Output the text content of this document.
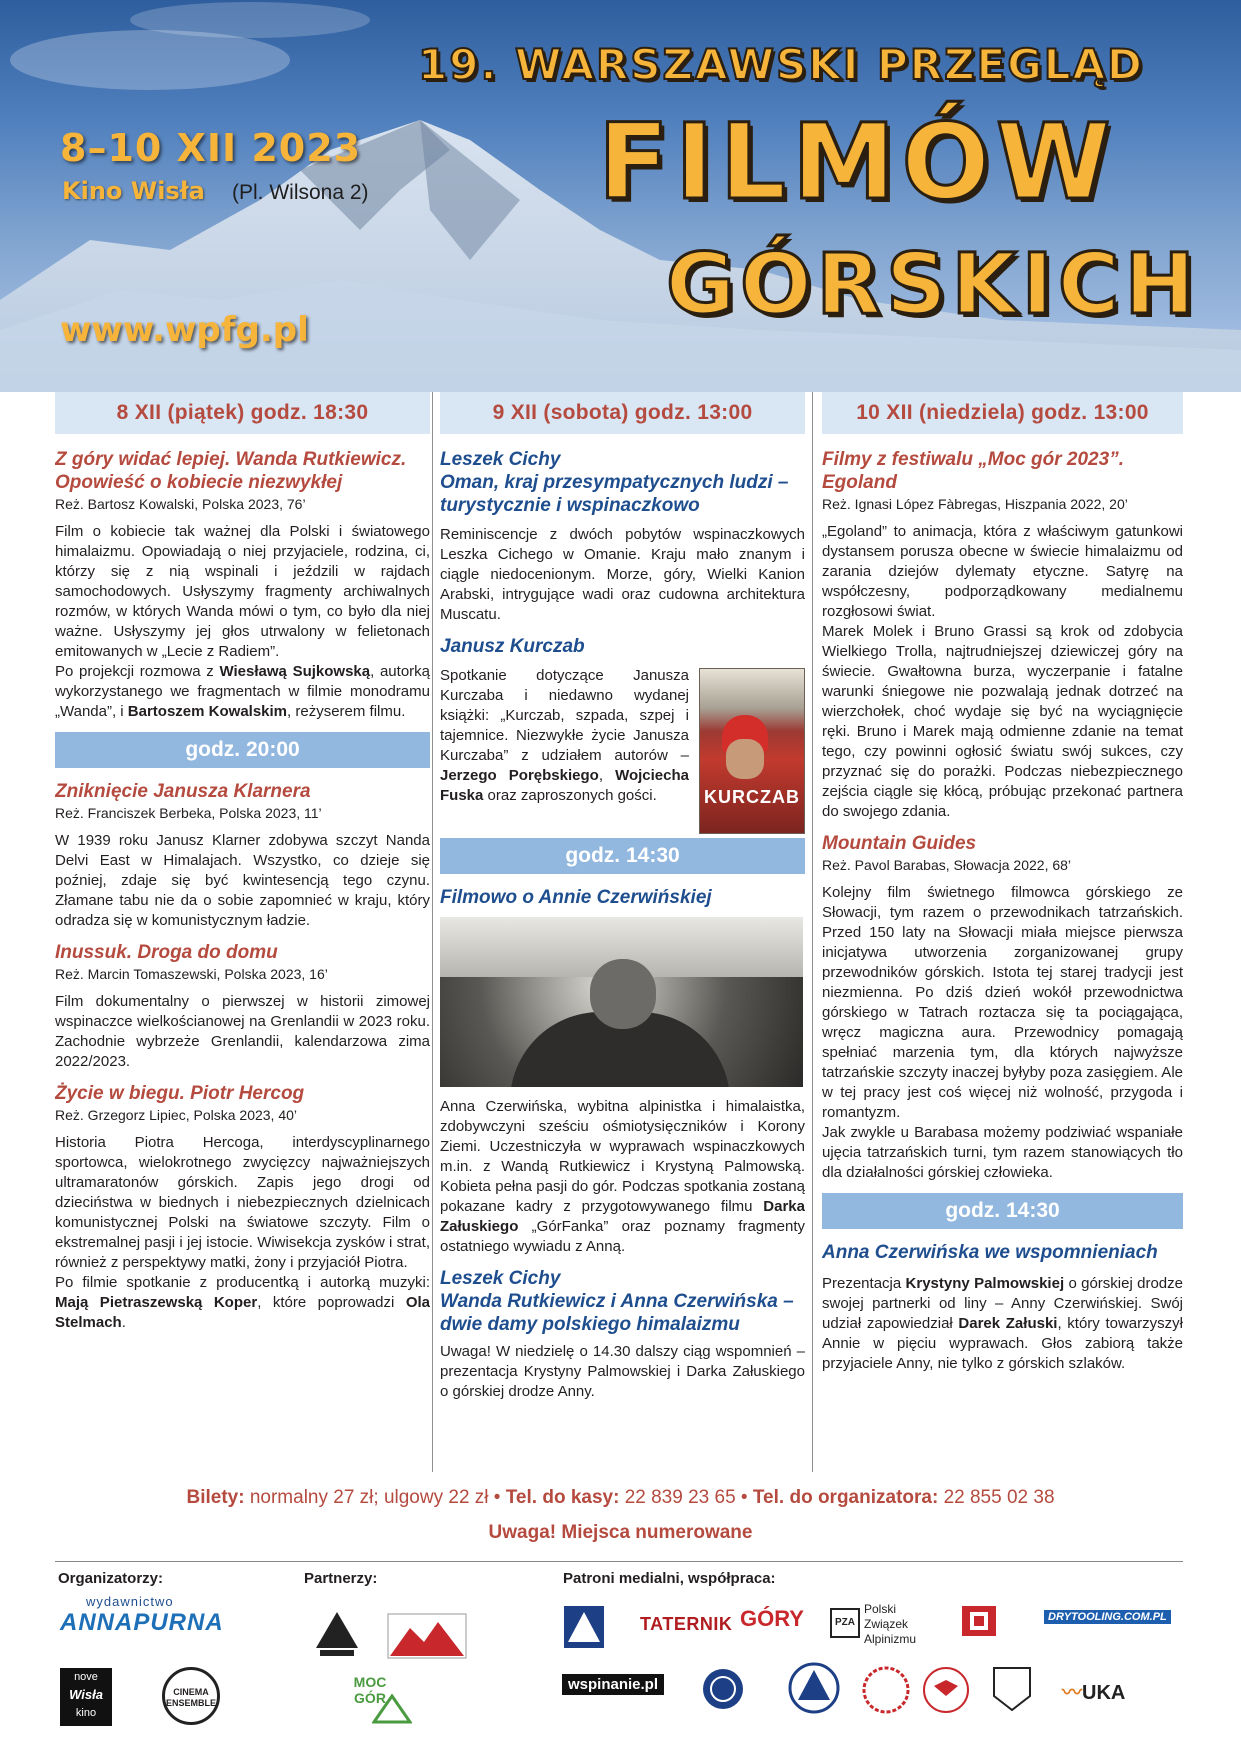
8–10 XII 2023
Kino Wisła (Pl. Wilsona 2)
www.wpfg.pl
19. WARSZAWSKI PRZEGLĄD
FILMÓW
GÓRSKICH
8 XII (piątek) godz. 18:30
Z góry widać lepiej. Wanda Rutkiewicz. Opowieść o kobiecie niezwykłej
Reż. Bartosz Kowalski, Polska 2023, 76’

Film o kobiecie tak ważnej dla Polski i światowego himalaizmu. Opowiadają o niej przyjaciele, rodzina, ci, którzy się z nią wspinali i jeździli w rajdach samochodowych. Usłyszymy fragmenty archiwalnych rozmów, w których Wanda mówi o tym, co było dla niej ważne. Usłyszymy jej głos utrwalony w felietonach emitowanych w „Lecie z Radiem”.

Po projekcji rozmowa z Wiesławą Sujkowską, autorką wykorzystanego we fragmentach w filmie monodramu „Wanda”, i Bartoszem Kowalskim, reżyserem filmu.

godz. 20:00
Zniknięcie Janusza Klarnera
Reż. Franciszek Berbeka, Polska 2023, 11’
W 1939 roku Janusz Klarner zdobywa szczyt Nanda Delvi East w Himalajach. Wszystko, co dzieje się poźniej, zdaje się być kwintesencją tego czynu. Złamane tabu nie da o sobie zapomnieć w kraju, który odradza się w komunistycznym ładzie.
Inussuk. Droga do domu
Reż. Marcin Tomaszewski, Polska 2023, 16’
Film dokumentalny o pierwszej w historii zimowej wspinaczce wielkościanowej na Grenlandii w 2023 roku. Zachodnie wybrzeże Grenlandii, kalendarzowa zima 2022/2023.
Życie w biegu. Piotr Hercog
Reż. Grzegorz Lipiec, Polska 2023, 40’

Historia Piotra Hercoga, interdyscyplinarnego sportowca, wielokrotnego zwycięzcy najważniejszych ultramaratonów górskich. Zapis jego drogi od dzieciństwa w biednych i niebezpiecznych dzielnicach komunistycznej Polski na światowe szczyty. Film o ekstremalnej pasji i jej istocie. Wiwisekcja zysków i strat, również z perspektywy matki, żony i przyjaciół Piotra.

Po filmie spotkanie z producentką i autorką muzyki: Mają Pietraszewską Koper, które poprowadzi Ola Stelmach.

9 XII (sobota) godz. 13:00
Leszek Cichy
Oman, kraj przesympatycznych ludzi – turystycznie i wspinaczkowo
Reminiscencje z dwóch pobytów wspinaczkowych Leszka Cichego w Omanie. Kraju mało znanym i ciągle niedocenionym. Morze, góry, Wielki Kanion Arabski, intrygujące wadi oraz cudowna architektura Muscatu.
Janusz Kurczab
Spotkanie dotyczące Janusza Kurczaba i niedawno wydanej książki: „Kurczab, szpada, szpej i tajemnice. Niezwykłe życie Janusza Kurczaba” z udziałem autorów – Jerzego Porębskiego, Wojciecha Fuska oraz zaproszonych gości.	KURCZAB
godz. 14:30
Filmowo o Annie Czerwińskiej
Anna Czerwińska, wybitna alpinistka i himalaistka, zdobywczyni sześciu ośmiotysięczników i Korony Ziemi. Uczestniczyła w wyprawach wspinaczkowych m.in. z Wandą Rutkiewicz i Krystyną Palmowską. Kobieta pełna pasji do gór. Podczas spotkania zostaną pokazane kadry z przygotowywanego filmu Darka Załuskiego „GórFanka” oraz poznamy fragmenty ostatniego wywiadu z Anną.
Leszek Cichy
Wanda Rutkiewicz i Anna Czerwińska – dwie damy polskiego himalaizmu
Uwaga! W niedzielę o 14.30 dalszy ciąg wspomnień – prezentacja Krystyny Palmowskiej i Darka Załuskiego o górskiej drodze Anny.
10 XII (niedziela) godz. 13:00
Filmy z festiwalu „Moc gór 2023”.
Egoland
Reż. Ignasi López Fàbregas, Hiszpania 2022, 20’

„Egoland” to animacja, która z właściwym gatunkowi dystansem porusza obecne w świecie himalaizmu od zarania dziejów dylematy etyczne. Satyrę na współczesny, podporządkowany medialnemu rozgłosowi świat.

Marek Molek i Bruno Grassi są krok od zdobycia Wielkiego Trolla, najtrudniejszej dziewiczej góry na świecie. Gwałtowna burza, wyczerpanie i fatalne warunki śniegowe nie pozwalają jednak dotrzeć na wierzchołek, choć wydaje się być na wyciągnięcie ręki. Bruno i Marek mają odmienne zdanie na temat tego, czy powinni ogłosić światu swój sukces, czy przyznać się do porażki. Podczas niebezpiecznego zejścia ciągle się kłócą, próbując przekonać partnera do swojego zdania.

Mountain Guides
Reż. Pavol Barabas, Słowacja 2022, 68’

Kolejny film świetnego filmowca górskiego ze Słowacji, tym razem o przewodnikach tatrzańskich. Przed 150 laty na Słowacji miała miejsce pierwsza inicjatywa utworzenia zorganizowanej grupy przewodników górskich. Istota tej starej tradycji jest niezmienna. Po dziś dzień wokół przewodnictwa górskiego w Tatrach roztacza się ta pociągająca, wręcz magiczna aura. Przewodnicy pomagają spełniać marzenia tym, dla których najwyższe tatrzańskie szczyty inaczej byłyby poza zasięgiem. Ale w tej pracy jest coś więcej niż wolność, przygoda i romantyzm.

Jak zwykle u Barabasa możemy podziwiać wspaniałe ujęcia tatrzańskich turni, tym razem stanowiących tło dla działalności górskiej człowieka.

godz. 14:30
Anna Czerwińska we wspomnieniach
Prezentacja Krystyny Palmowskiej o górskiej drodze swojej partnerki od liny – Anny Czerwińskiej. Swój udział zapowiedział Darek Załuski, który towarzyszył Annie w pięciu wyprawach. Głos zabiorą także przyjaciele Anny, nie tylko z górskich szlaków.
Bilety: normalny 27 zł; ulgowy 22 zł • Tel. do kasy: 22 839 23 65 • Tel. do organizatora: 22 855 02 38
Uwaga! Miejsca numerowane
Organizatorzy:	Partnerzy:	Patroni medialni, współpraca:
wydawnictwo
ANNAPURNA
nove
Wisła
kino
CINEMA ENSEMBLE
MOC GÓR
TATERNIK GÓRY	PZA
Polski
Związek
Alpinizmu
DRYTOOLING.COM.PL
wspinanie.pl	〰UKA
